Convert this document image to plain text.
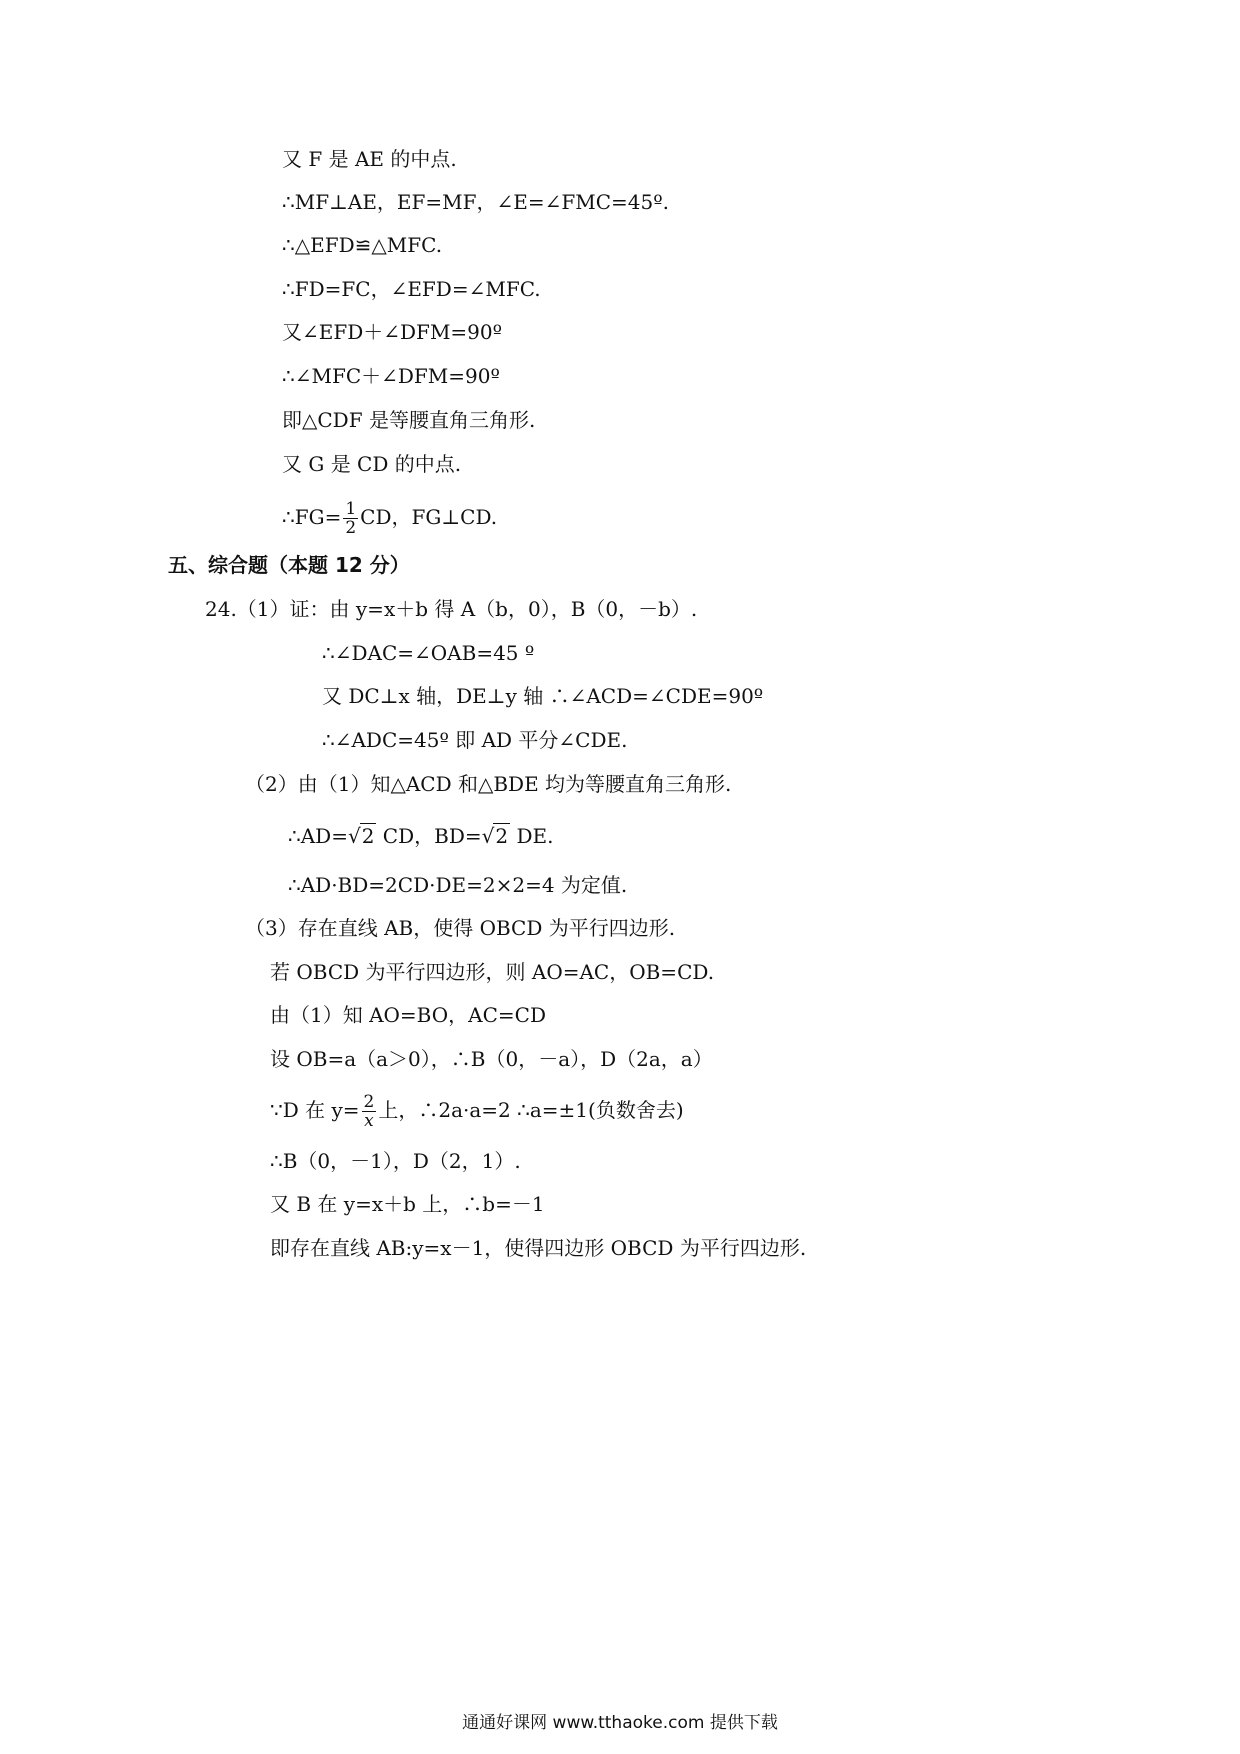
又 F 是 AE 的中点.
∴MF⊥AE，EF=MF，∠E=∠FMC=45º.
∴△EFD≌△MFC.
∴FD=FC，∠EFD=∠MFC.
又∠EFD＋∠DFM=90º
∴∠MFC＋∠DFM=90º
即△CDF 是等腰直角三角形.
又 G 是 CD 的中点.
∴FG= $\frac{1}{2}$ CD，FG⊥CD.
五、综合题（本题 12 分）
24.（1）证：由 y=x＋b 得 A（b，0），B（0，－b）.
∴∠DAC=∠OAB=45 º
又 DC⊥x 轴，DE⊥y 轴 ∴∠ACD=∠CDE=90º
∴∠ADC=45º 即 AD 平分∠CDE.
（2）由（1）知△ACD 和△BDE 均为等腰直角三角形.
∴AD=√2 CD，BD=√2 DE.
∴AD·BD=2CD·DE=2×2=4 为定值.
（3）存在直线 AB，使得 OBCD 为平行四边形.
若 OBCD 为平行四边形，则 AO=AC，OB=CD.
由（1）知 AO=BO，AC=CD
设 OB=a（a＞0），∴B（0，－a），D（2a，a）
∵D 在 $y= \frac{2}{x}$ 上，∴2a·a=2 ∴a=±1(负数舍去)
∴B（0，－1），D（2，1）.
又 B 在 y=x＋b 上，∴b=－1
即存在直线 AB:y=x－1，使得四边形 OBCD 为平行四边形.
通通好课网 www.tthaoke.com 提供下载
